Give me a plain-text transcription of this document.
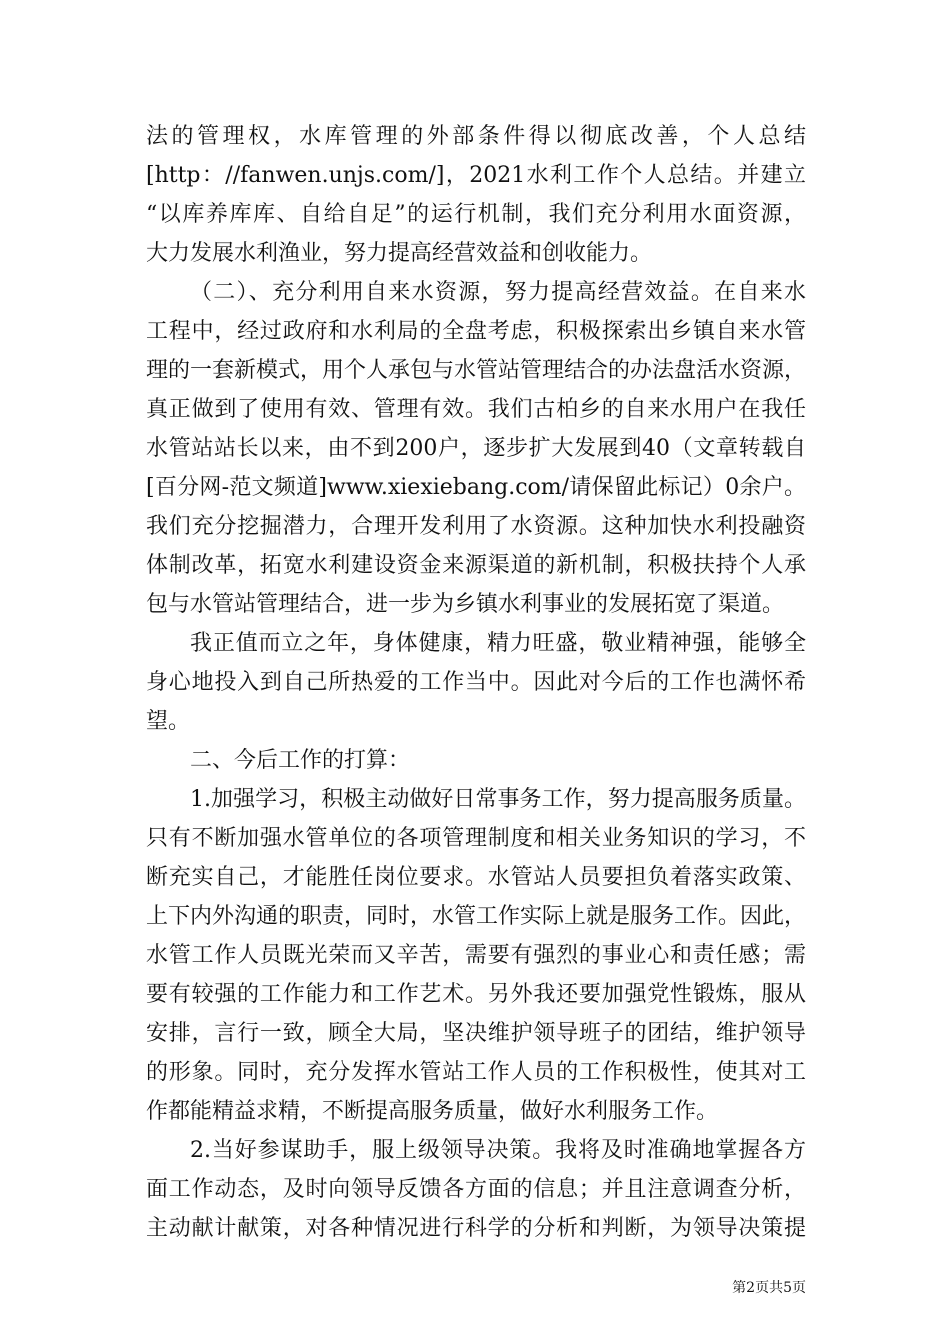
法的管理权，水库管理的外部条件得以彻底改善，个人总结
[http：//fanwen.unjs.com/]，2021水利工作个人总结。并建立
“以库养库库、自给自足”的运行机制，我们充分利用水面资源，
大力发展水利渔业，努力提高经营效益和创收能力。
（二）、充分利用自来水资源，努力提高经营效益。在自来水
工程中，经过政府和水利局的全盘考虑，积极探索出乡镇自来水管
理的一套新模式，用个人承包与水管站管理结合的办法盘活水资源，
真正做到了使用有效、管理有效。我们古柏乡的自来水用户在我任
水管站站长以来，由不到200户，逐步扩大发展到40（文章转载自
[百分网-范文频道]www.xiexiebang.com/请保留此标记）0余户。
我们充分挖掘潜力，合理开发利用了水资源。这种加快水利投融资
体制改革，拓宽水利建设资金来源渠道的新机制，积极扶持个人承
包与水管站管理结合，进一步为乡镇水利事业的发展拓宽了渠道。
我正值而立之年，身体健康，精力旺盛，敬业精神强，能够全
身心地投入到自己所热爱的工作当中。因此对今后的工作也满怀希
望。
二、今后工作的打算：
1.加强学习，积极主动做好日常事务工作，努力提高服务质量。
只有不断加强水管单位的各项管理制度和相关业务知识的学习，不
断充实自己，才能胜任岗位要求。水管站人员要担负着落实政策、
上下内外沟通的职责，同时，水管工作实际上就是服务工作。因此，
水管工作人员既光荣而又辛苦，需要有强烈的事业心和责任感；需
要有较强的工作能力和工作艺术。另外我还要加强党性锻炼，服从
安排，言行一致，顾全大局，坚决维护领导班子的团结，维护领导
的形象。同时，充分发挥水管站工作人员的工作积极性，使其对工
作都能精益求精，不断提高服务质量，做好水利服务工作。
2.当好参谋助手，服上级领导决策。我将及时准确地掌握各方
面工作动态，及时向领导反馈各方面的信息；并且注意调查分析，
主动献计献策，对各种情况进行科学的分析和判断，为领导决策提
第2页共5页
